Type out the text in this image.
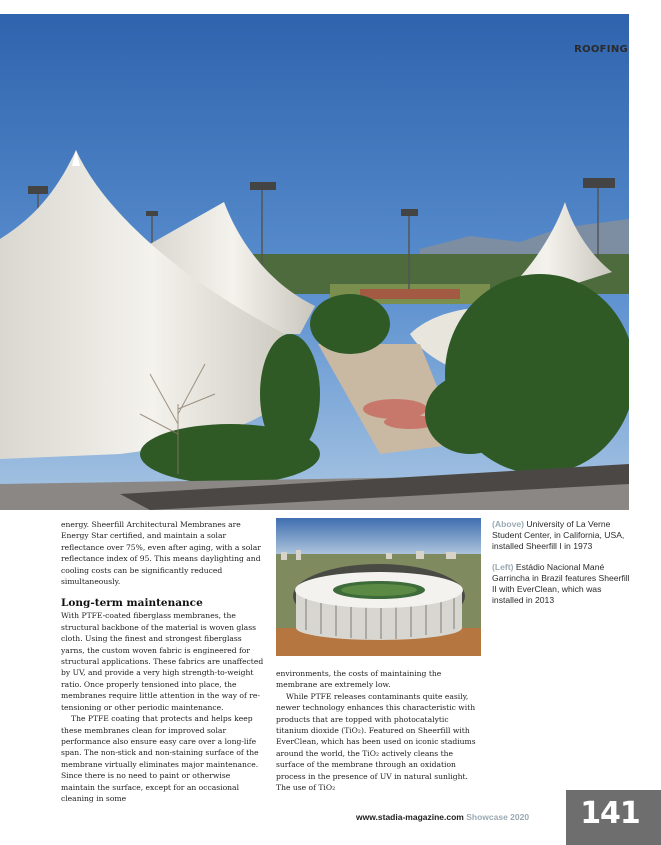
ROOFING

energy. Sheerfill Architectural Membranes are Energy Star certified, and maintain a solar reflectance over 75%, even after aging, with a solar reflectance index of 95. This means daylighting and cooling costs can be significantly reduced simultaneously.

Long-term maintenance

With PTFE-coated fiberglass membranes, the structural backbone of the material is woven glass cloth. Using the finest and strongest fiberglass yarns, the custom woven fabric is engineered for structural applications. These fabrics are unaffected by UV, and provide a very high strength-to-weight ratio. Once properly tensioned into place, the membranes require little attention in the way of re-tensioning or other periodic maintenance.

The PTFE coating that protects and helps keep these membranes clean for improved solar performance also ensure easy care over a long-life span. The non-stick and non-staining surface of the membrane virtually eliminates major maintenance. Since there is no need to paint or otherwise maintain the surface, except for an occasional cleaning in some

(Above) University of La Verne Student Center, in California, USA, installed Sheerfill I in 1973

(Left) Estádio Nacional Mané Garrincha in Brazil features Sheerfill II with EverClean, which was installed in 2013

environments, the costs of maintaining the membrane are extremely low.

While PTFE releases contaminants quite easily, newer technology enhances this characteristic with products that are topped with photocatalytic titanium dioxide (TiO₂). Featured on Sheerfill with EverClean, which has been used on iconic stadiums around the world, the TiO₂ actively cleans the surface of the membrane through an oxidation process in the presence of UV in natural sunlight. The use of TiO₂

www.stadia-magazine.com Showcase 2020	141
